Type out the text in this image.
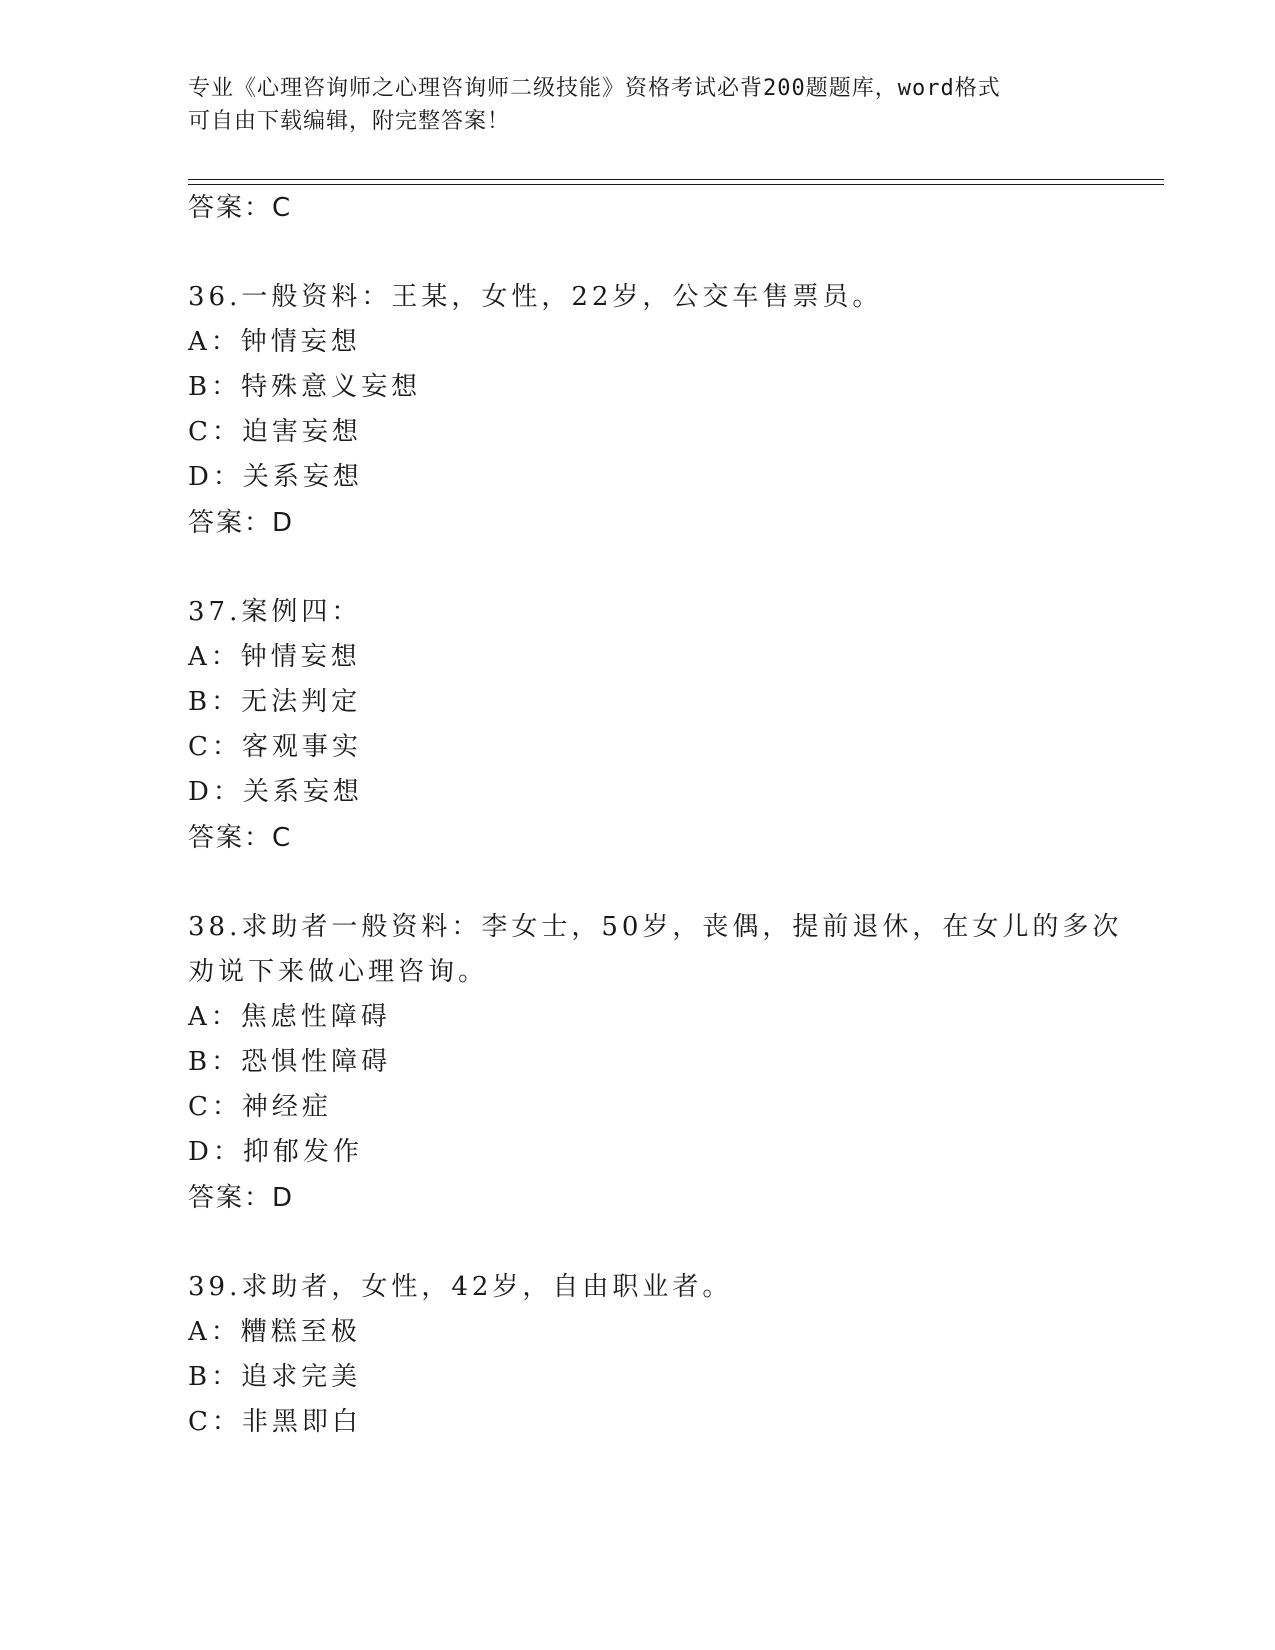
专业《心理咨询师之心理咨询师二级技能》资格考试必背200题题库，word格式
可自由下载编辑，附完整答案！
答案：C
36.一般资料：王某，女性，22岁，公交车售票员。
A：钟情妄想
B：特殊意义妄想
C：迫害妄想
D：关系妄想
答案：D
37.案例四：
A：钟情妄想
B：无法判定
C：客观事实
D：关系妄想
答案：C
38.求助者一般资料：李女士，50岁，丧偶，提前退休，在女儿的多次
劝说下来做心理咨询。
A：焦虑性障碍
B：恐惧性障碍
C：神经症
D：抑郁发作
答案：D
39.求助者，女性，42岁，自由职业者。
A：糟糕至极
B：追求完美
C：非黑即白
